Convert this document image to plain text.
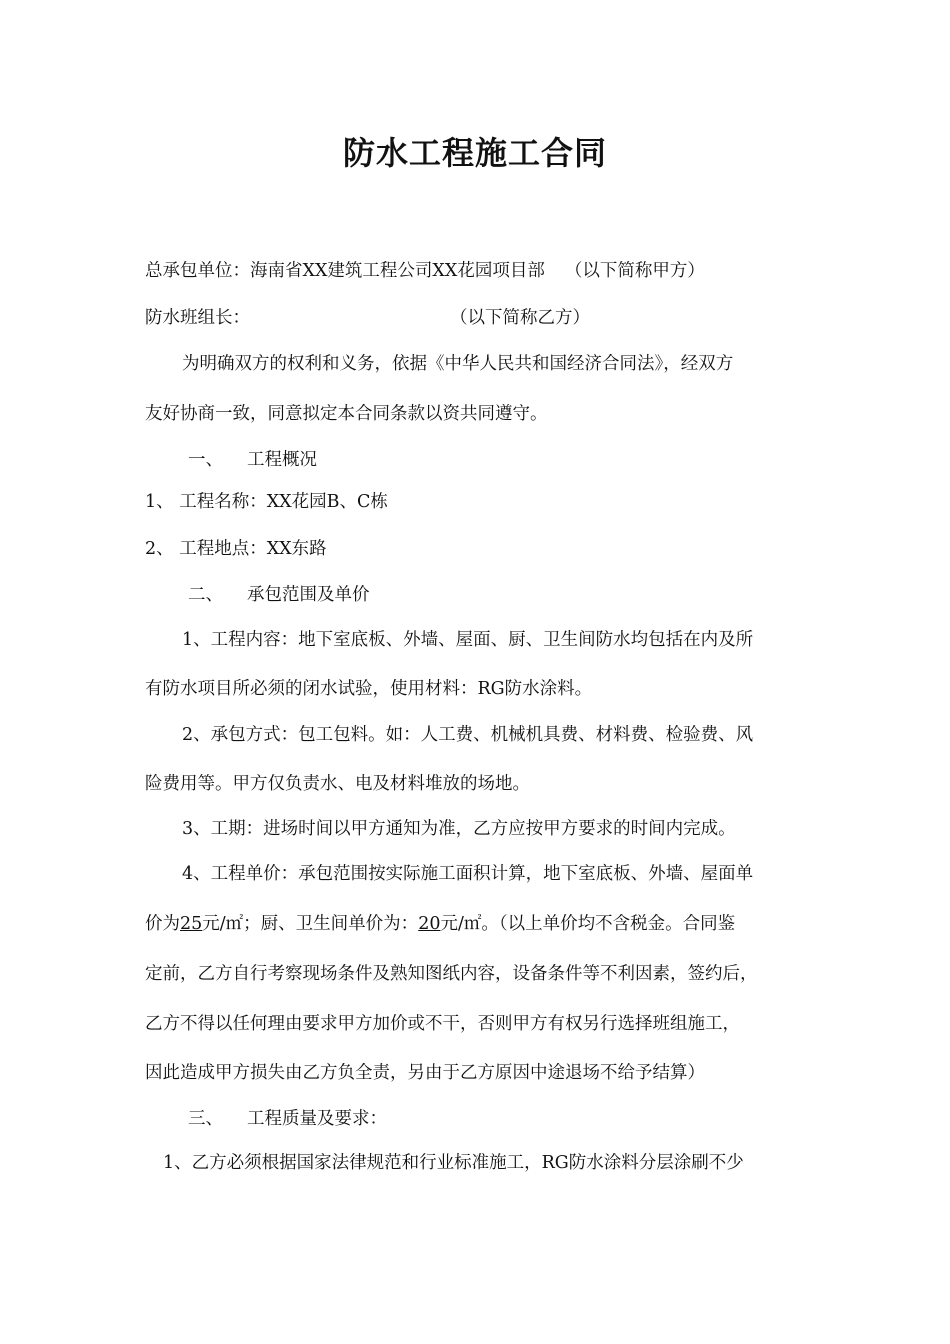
防水工程施工合同
总承包单位：海南省XX建筑工程公司XX花园项目部 （以下简称甲方）
防水班组长：	（以下简称乙方）
为明确双方的权利和义务，依据《中华人民共和国经济合同法》，经双方
友好协商一致，同意拟定本合同条款以资共同遵守。
一、 工程概况
1、 工程名称：XX花园B、C栋
2、 工程地点：XX东路
二、 承包范围及单价
1、工程内容：地下室底板、外墙、屋面、厨、卫生间防水均包括在内及所
有防水项目所必须的闭水试验，使用材料：RG防水涂料。
2、承包方式：包工包料。如：人工费、机械机具费、材料费、检验费、风
险费用等。甲方仅负责水、电及材料堆放的场地。
3、工期：进场时间以甲方通知为准，乙方应按甲方要求的时间内完成。
4、工程单价：承包范围按实际施工面积计算，地下室底板、外墙、屋面单
价为25元/㎡；厨、卫生间单价为：20元/㎡。（以上单价均不含税金。合同鉴
定前，乙方自行考察现场条件及熟知图纸内容，设备条件等不利因素，签约后，
乙方不得以任何理由要求甲方加价或不干，否则甲方有权另行选择班组施工，
因此造成甲方损失由乙方负全责，另由于乙方原因中途退场不给予结算）
三、 工程质量及要求：
1、乙方必须根据国家法律规范和行业标准施工，RG防水涂料分层涂刷不少
